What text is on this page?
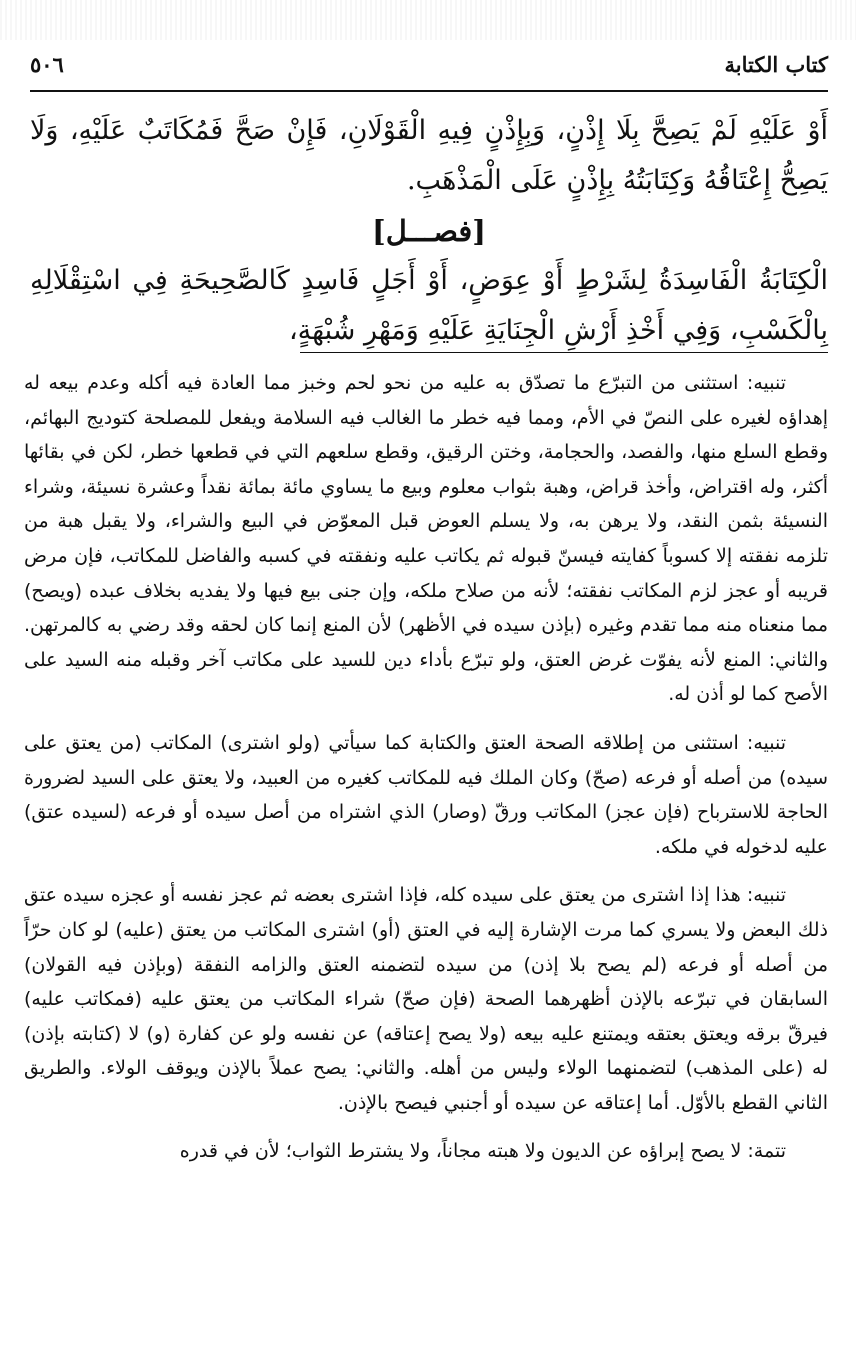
كتاب الكتابة
٥٠٦

أَوْ عَلَيْهِ لَمْ يَصِحَّ بِلَا إِذْنٍ، وَبِإِذْنٍ فِيهِ الْقَوْلَانِ، فَإِنْ صَحَّ فَمُكَاتَبٌ عَلَيْهِ، وَلَا يَصِحُّ إِعْتَاقُهُ وَكِتَابَتُهُ بِإِذْنٍ عَلَى الْمَذْهَبِ.

[فصـــل]

الْكِتَابَةُ الْفَاسِدَةُ لِشَرْطٍ أَوْ عِوَضٍ، أَوْ أَجَلٍ فَاسِدٍ كَالصَّحِيحَةِ فِي اسْتِقْلَالِهِ بِالْكَسْبِ، وَفِي أَخْذِ أَرْشِ الْجِنَايَةِ عَلَيْهِ وَمَهْرِ شُبْهَةٍ،

تنبيه: استثنى من التبرّع ما تصدّق به عليه من نحو لحم وخبز مما العادة فيه أكله وعدم بيعه له إهداؤه لغيره على النصّ في الأم، ومما فيه خطر ما الغالب فيه السلامة ويفعل للمصلحة كتوديج البهائم، وقطع السلع منها، والفصد، والحجامة، وختن الرقيق، وقطع سلعهم التي في قطعها خطر، لكن في بقائها أكثر، وله اقتراض، وأخذ قراض، وهبة بثواب معلوم وبيع ما يساوي مائة بمائة نقداً وعشرة نسيئة، وشراء النسيئة بثمن النقد، ولا يرهن به، ولا يسلم العوض قبل المعوّض في البيع والشراء، ولا يقبل هبة من تلزمه نفقته إلا كسوباً كفايته فيسنّ قبوله ثم يكاتب عليه ونفقته في كسبه والفاضل للمكاتب، فإن مرض قريبه أو عجز لزم المكاتب نفقته؛ لأنه من صلاح ملكه، وإن جنى بيع فيها ولا يفديه بخلاف عبده (ويصح) مما منعناه منه مما تقدم وغيره (بإذن سيده في الأظهر) لأن المنع إنما كان لحقه وقد رضي به كالمرتهن. والثاني: المنع لأنه يفوّت غرض العتق، ولو تبرّع بأداء دين للسيد على مكاتب آخر وقبله منه السيد على الأصح كما لو أذن له.

تنبيه: استثنى من إطلاقه الصحة العتق والكتابة كما سيأتي (ولو اشترى) المكاتب (من يعتق على سيده) من أصله أو فرعه (صحّ) وكان الملك فيه للمكاتب كغيره من العبيد، ولا يعتق على السيد لضرورة الحاجة للاسترباح (فإن عجز) المكاتب ورقّ (وصار) الذي اشتراه من أصل سيده أو فرعه (لسيده عتق) عليه لدخوله في ملكه.

تنبيه: هذا إذا اشترى من يعتق على سيده كله، فإذا اشترى بعضه ثم عجز نفسه أو عجزه سيده عتق ذلك البعض ولا يسري كما مرت الإشارة إليه في العتق (أو) اشترى المكاتب من يعتق (عليه) لو كان حرّاً من أصله أو فرعه (لم يصح بلا إذن) من سيده لتضمنه العتق والزامه النفقة (وبإذن فيه القولان) السابقان في تبرّعه بالإذن أظهرهما الصحة (فإن صحّ) شراء المكاتب من يعتق عليه (فمكاتب عليه) فيرقّ برقه ويعتق بعتقه ويمتنع عليه بيعه (ولا يصح إعتاقه) عن نفسه ولو عن كفارة (و) لا (كتابته بإذن) له (على المذهب) لتضمنهما الولاء وليس من أهله. والثاني: يصح عملاً بالإذن ويوقف الولاء. والطريق الثاني القطع بالأوّل. أما إعتاقه عن سيده أو أجنبي فيصح بالإذن.

تتمة: لا يصح إبراؤه عن الديون ولا هبته مجاناً، ولا يشترط الثواب؛ لأن في قدره
